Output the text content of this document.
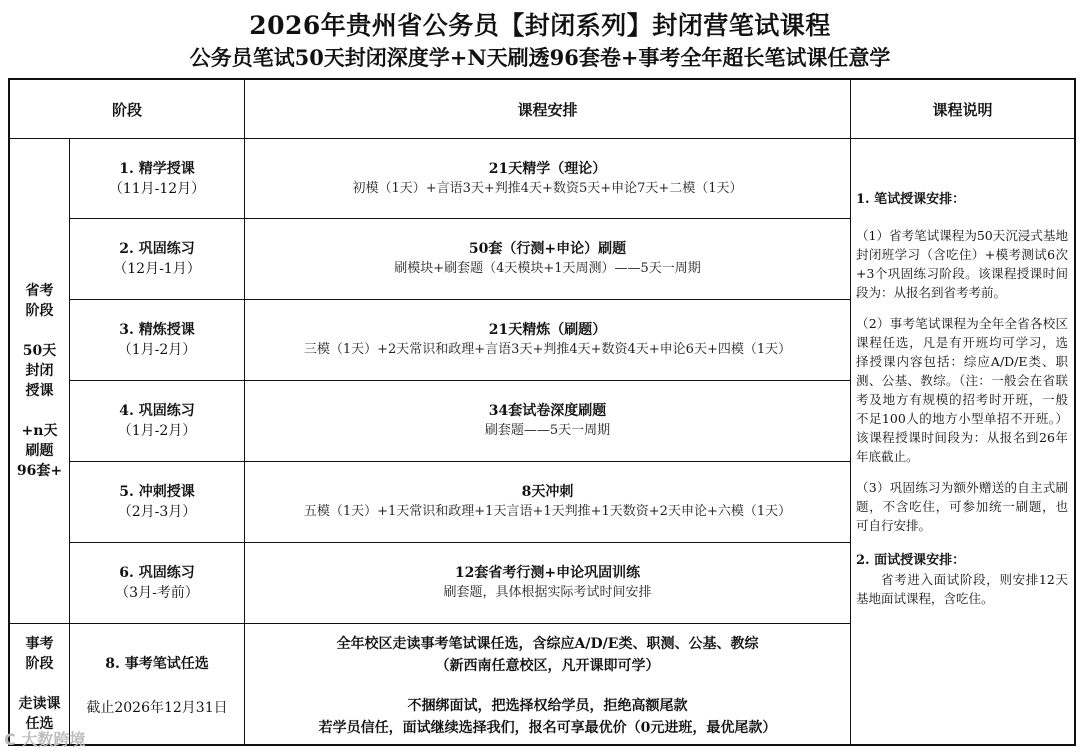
2026年贵州省公务员【封闭系列】封闭营笔试课程
公务员笔试50天封闭深度学+N天刷透96套卷+事考全年超长笔试课任意学
阶段	课程安排	课程说明
省考
阶段
50天
封闭
授课
+n天
刷题
96套+
事考
阶段
走读课
任选
1. 精学授课
（11月-12月）
21天精学（理论）
初模（1天）+言语3天+判推4天+数资5天+申论7天+二模（1天）
2. 巩固练习
（12月-1月）
50套（行测+申论）刷题
刷模块+刷套题（4天模块+1天周测）——5天一周期
3. 精炼授课
（1月-2月）
21天精炼（刷题）
三模（1天）+2天常识和政理+言语3天+判推4天+数资4天+申论6天+四模（1天）
4. 巩固练习
（1月-2月）
34套试卷深度刷题
刷套题——5天一周期
5. 冲刺授课
（2月-3月）
8天冲刺
五模（1天）+1天常识和政理+1天言语+1天判推+1天数资+2天申论+六模（1天）
6. 巩固练习
（3月-考前）
12套省考行测+申论巩固训练
刷套题，具体根据实际考试时间安排
8. 事考笔试任选
截止2026年12月31日
全年校区走读事考笔试课任选，含综应A/D/E类、职测、公基、教综
（新西南任意校区，凡开课即可学）
不捆绑面试，把选择权给学员，拒绝高额尾款
若学员信任，面试继续选择我们，报名可享最优价（0元进班，最优尾款）
1. 笔试授课安排：
（1）省考笔试课程为50天沉浸式基地封闭班学习（含吃住）+模考测试6次+3个巩固练习阶段。该课程授课时间段为：从报名到省考考前。
（2）事考笔试课程为全年全省各校区课程任选，凡是有开班均可学习，选择授课内容包括：综应A/D/E类、职测、公基、教综。（注：一般会在省联考及地方有规模的招考时开班，一般不足100人的地方小型单招不开班。）该课程授课时间段为：从报名到26年年底截止。
（3）巩固练习为额外赠送的自主式刷题，不含吃住，可参加统一刷题，也可自行安排。
2. 面试授课安排：
省考进入面试阶段，则安排12天基地面试课程，含吃住。
C 大数跨境
